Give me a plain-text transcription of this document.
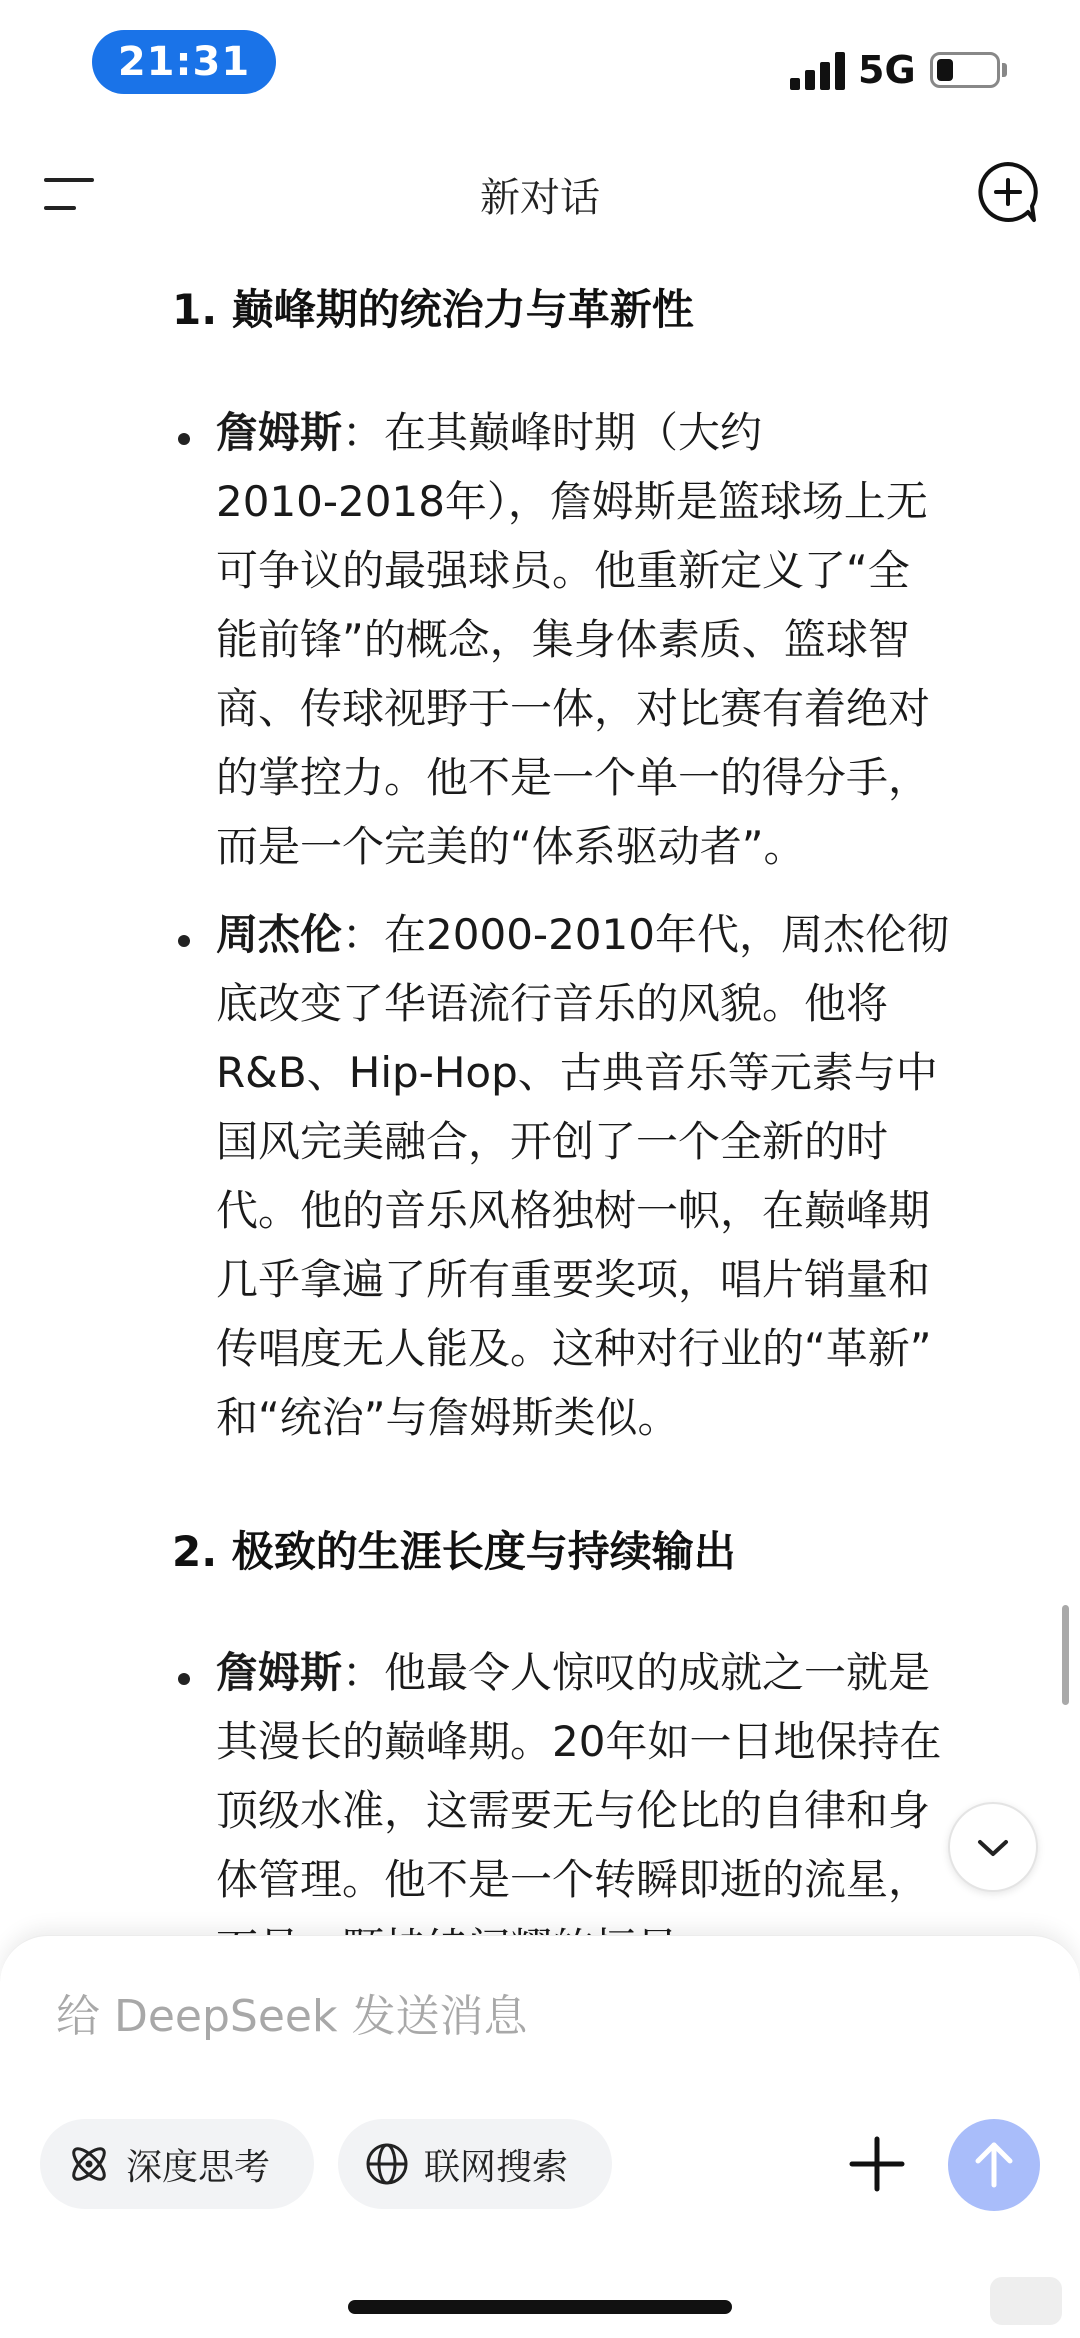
21:31	5G
新对话
1. 巅峰期的统治力与革新性
詹姆斯：在其巅峰时期（大约
2010-2018年），詹姆斯是篮球场上无
可争议的最强球员。他重新定义了“全
能前锋”的概念，集身体素质、篮球智
商、传球视野于一体，对比赛有着绝对
的掌控力。他不是一个单一的得分手，
而是一个完美的“体系驱动者”。
周杰伦：在2000-2010年代，周杰伦彻
底改变了华语流行音乐的风貌。他将
R&B、Hip-Hop、古典音乐等元素与中
国风完美融合，开创了一个全新的时
代。他的音乐风格独树一帜，在巅峰期
几乎拿遍了所有重要奖项，唱片销量和
传唱度无人能及。这种对行业的“革新”
和“统治”与詹姆斯类似。
2. 极致的生涯长度与持续输出
詹姆斯：他最令人惊叹的成就之一就是
其漫长的巅峰期。20年如一日地保持在
顶级水准，这需要无与伦比的自律和身
体管理。他不是一个转瞬即逝的流星，
给 DeepSeek 发送消息
深度思考	联网搜索
